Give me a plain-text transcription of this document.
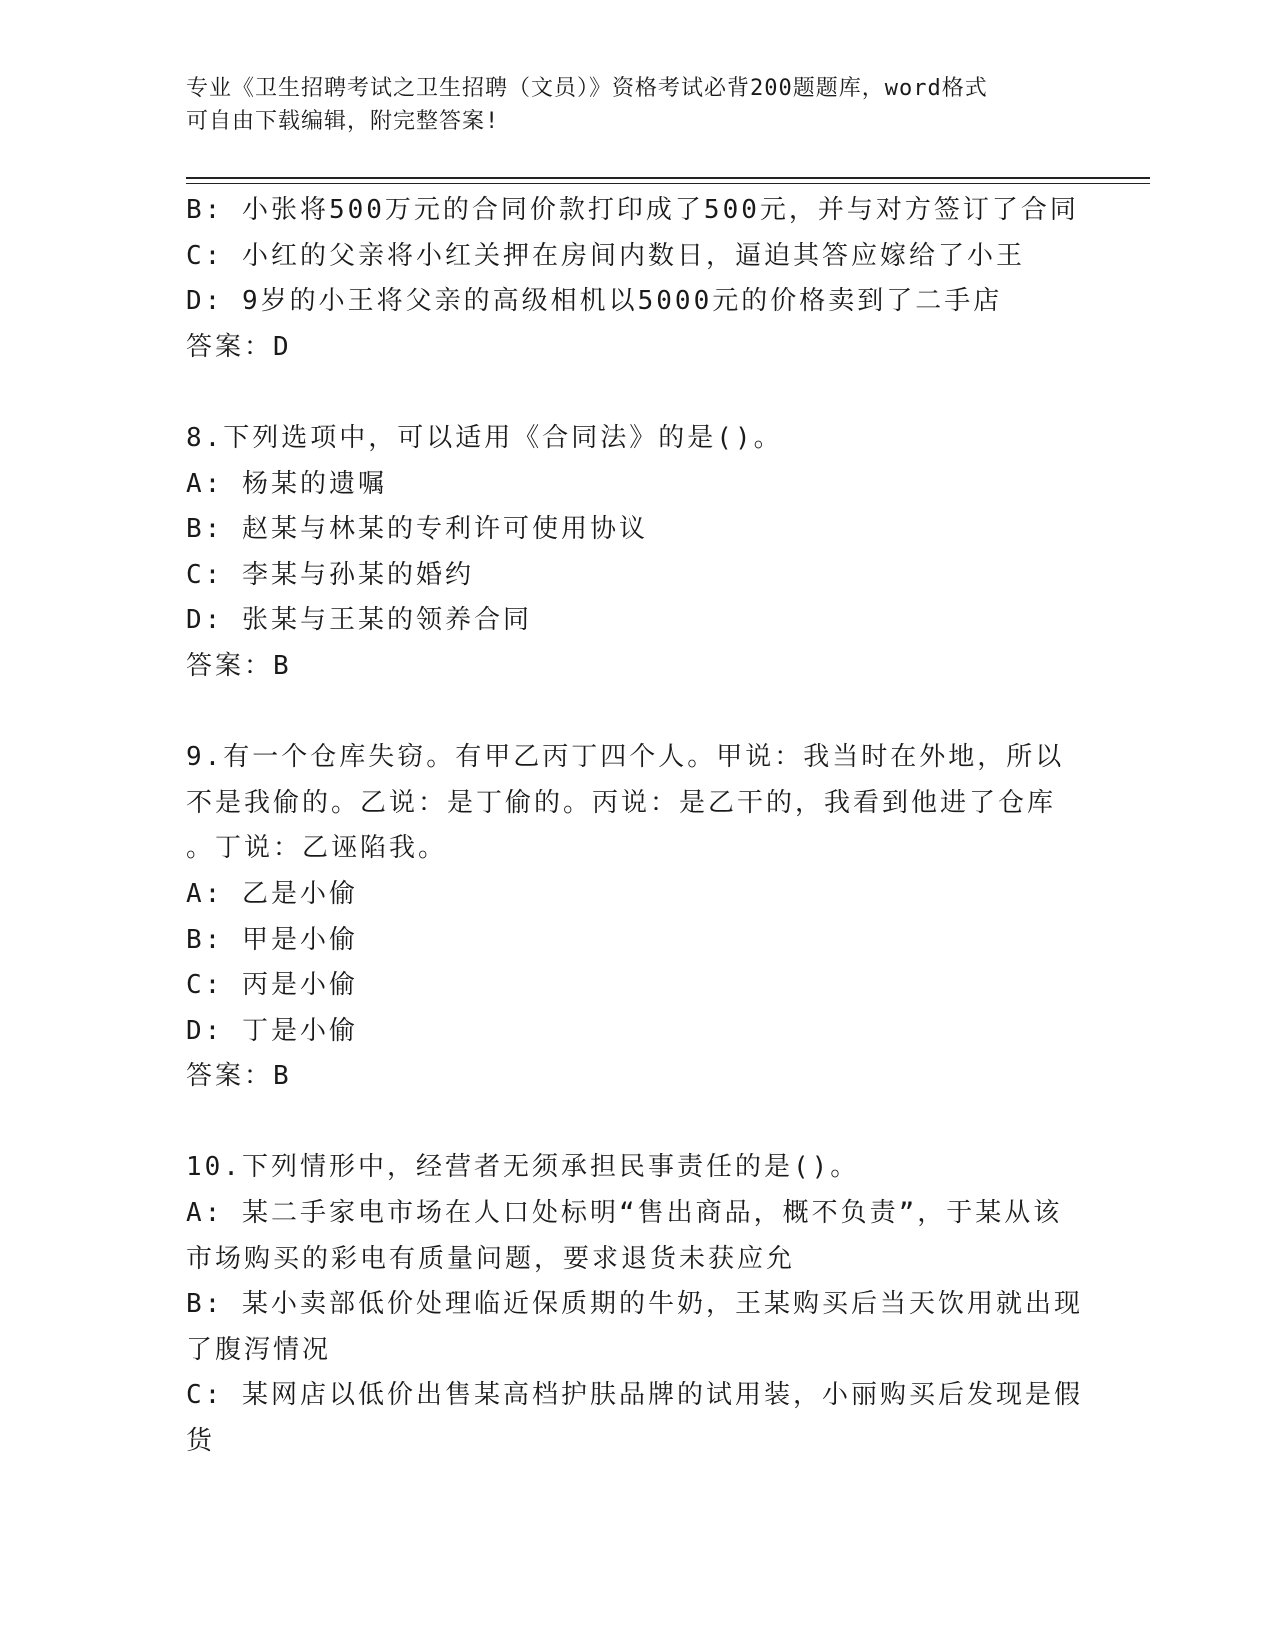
专业《卫生招聘考试之卫生招聘（文员）》资格考试必背200题题库，word格式

可自由下载编辑，附完整答案!

B: 小张将500万元的合同价款打印成了500元，并与对方签订了合同

C: 小红的父亲将小红关押在房间内数日，逼迫其答应嫁给了小王

D: 9岁的小王将父亲的高级相机以5000元的价格卖到了二手店

答案：D

8.下列选项中，可以适用《合同法》的是()。

A: 杨某的遗嘱

B: 赵某与林某的专利许可使用协议

C: 李某与孙某的婚约

D: 张某与王某的领养合同

答案：B

9.有一个仓库失窃。有甲乙丙丁四个人。甲说：我当时在外地，所以

不是我偷的。乙说：是丁偷的。丙说：是乙干的，我看到他进了仓库

。丁说：乙诬陷我。

A: 乙是小偷

B: 甲是小偷

C: 丙是小偷

D: 丁是小偷

答案：B

10.下列情形中，经营者无须承担民事责任的是()。

A: 某二手家电市场在人口处标明“售出商品，概不负责”，于某从该

市场购买的彩电有质量问题，要求退货未获应允

B: 某小卖部低价处理临近保质期的牛奶，王某购买后当天饮用就出现

了腹泻情况

C: 某网店以低价出售某高档护肤品牌的试用装，小丽购买后发现是假

货
